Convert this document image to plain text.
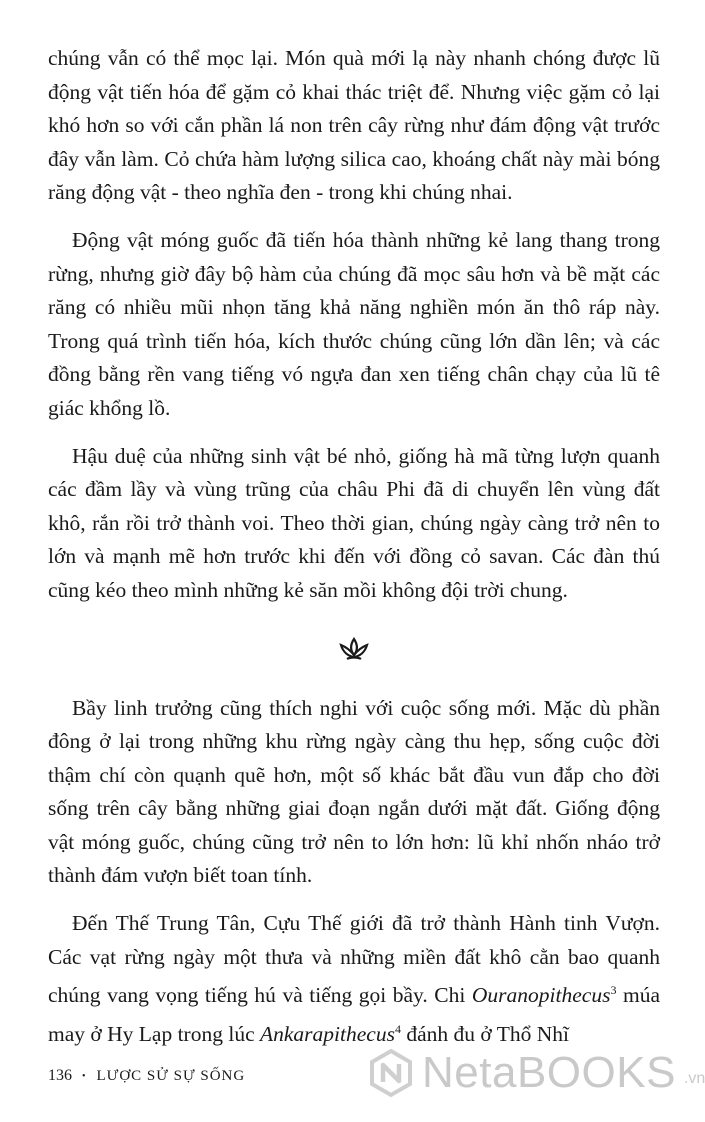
chúng vẫn có thể mọc lại. Món quà mới lạ này nhanh chóng được lũ động vật tiến hóa để gặm cỏ khai thác triệt để. Nhưng việc gặm cỏ lại khó hơn so với cắn phần lá non trên cây rừng như đám động vật trước đây vẫn làm. Cỏ chứa hàm lượng silica cao, khoáng chất này mài bóng răng động vật - theo nghĩa đen - trong khi chúng nhai.

Động vật móng guốc đã tiến hóa thành những kẻ lang thang trong rừng, nhưng giờ đây bộ hàm của chúng đã mọc sâu hơn và bề mặt các răng có nhiều mũi nhọn tăng khả năng nghiền món ăn thô ráp này. Trong quá trình tiến hóa, kích thước chúng cũng lớn dần lên; và các đồng bằng rền vang tiếng vó ngựa đan xen tiếng chân chạy của lũ tê giác khổng lồ.

Hậu duệ của những sinh vật bé nhỏ, giống hà mã từng lượn quanh các đầm lầy và vùng trũng của châu Phi đã di chuyển lên vùng đất khô, rắn rồi trở thành voi. Theo thời gian, chúng ngày càng trở nên to lớn và mạnh mẽ hơn trước khi đến với đồng cỏ savan. Các đàn thú cũng kéo theo mình những kẻ săn mồi không đội trời chung.

Bầy linh trưởng cũng thích nghi với cuộc sống mới. Mặc dù phần đông ở lại trong những khu rừng ngày càng thu hẹp, sống cuộc đời thậm chí còn quạnh quẽ hơn, một số khác bắt đầu vun đắp cho đời sống trên cây bằng những giai đoạn ngắn dưới mặt đất. Giống động vật móng guốc, chúng cũng trở nên to lớn hơn: lũ khỉ nhốn nháo trở thành đám vượn biết toan tính.

Đến Thế Trung Tân, Cựu Thế giới đã trở thành Hành tinh Vượn. Các vạt rừng ngày một thưa và những miền đất khô cằn bao quanh chúng vang vọng tiếng hú và tiếng gọi bầy. Chi Ouranopithecus$^3$ múa may ở Hy Lạp trong lúc Ankarapithecus$^4$ đánh đu ở Thổ Nhĩ

136 • LƯỢC SỬ SỰ SỐNG	NetaBOOKS .vn
